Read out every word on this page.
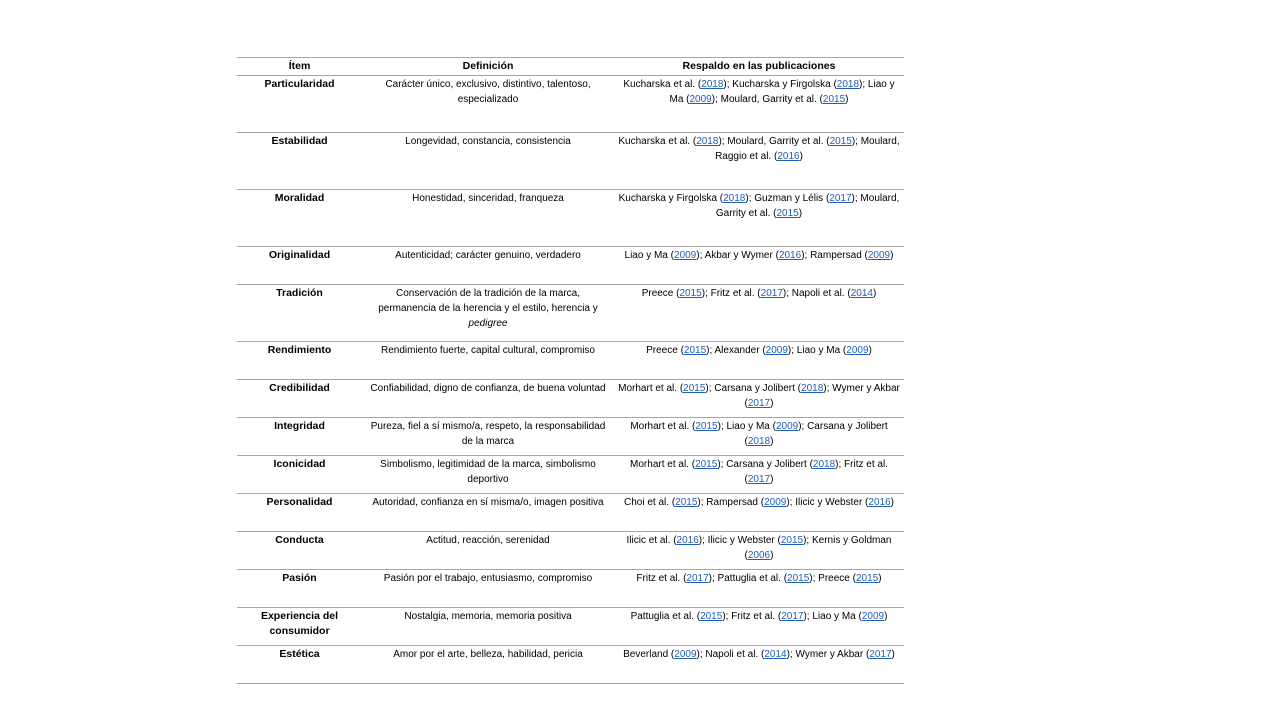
Ítem	Definición	Respaldo en las publicaciones
Particularidad	Carácter único, exclusivo, distintivo, talentoso, especializado	Kucharska et al. (2018); Kucharska y Firgolska (2018); Liao y Ma (2009); Moulard, Garrity et al. (2015)
Estabilidad	Longevidad, constancia, consistencia	Kucharska et al. (2018); Moulard, Garrity et al. (2015); Moulard, Raggio et al. (2016)
Moralidad	Honestidad, sinceridad, franqueza	Kucharska y Firgolska (2018); Guzman y Lélis (2017); Moulard, Garrity et al. (2015)
Originalidad	Autenticidad; carácter genuino, verdadero	Liao y Ma (2009); Akbar y Wymer (2016); Rampersad (2009)
Tradición	Conservación de la tradición de la marca, permanencia de la herencia y el estilo, herencia y pedigree	Preece (2015); Fritz et al. (2017); Napoli et al. (2014)
Rendimiento	Rendimiento fuerte, capital cultural, compromiso	Preece (2015); Alexander (2009); Liao y Ma (2009)
Credibilidad	Confiabilidad, digno de confianza, de buena voluntad	Morhart et al. (2015); Carsana y Jolibert (2018); Wymer y Akbar (2017)
Integridad	Pureza, fiel a sí mismo/a, respeto, la responsabilidad de la marca	Morhart et al. (2015); Liao y Ma (2009); Carsana y Jolibert (2018)
Iconicidad	Simbolismo, legitimidad de la marca, simbolismo deportivo	Morhart et al. (2015); Carsana y Jolibert (2018); Fritz et al. (2017)
Personalidad	Autoridad, confianza en sí misma/o, imagen positiva	Choi et al. (2015); Rampersad (2009); Ilicic y Webster (2016)
Conducta	Actitud, reacción, serenidad	Ilicic et al. (2016); Ilicic y Webster (2015); Kernis y Goldman (2006)
Pasión	Pasión por el trabajo, entusiasmo, compromiso	Fritz et al. (2017); Pattuglia et al. (2015); Preece (2015)
Experiencia del consumidor	Nostalgia, memoria, memoria positiva	Pattuglia et al. (2015); Fritz et al. (2017); Liao y Ma (2009)
Estética	Amor por el arte, belleza, habilidad, pericia	Beverland (2009); Napoli et al. (2014); Wymer y Akbar (2017)
